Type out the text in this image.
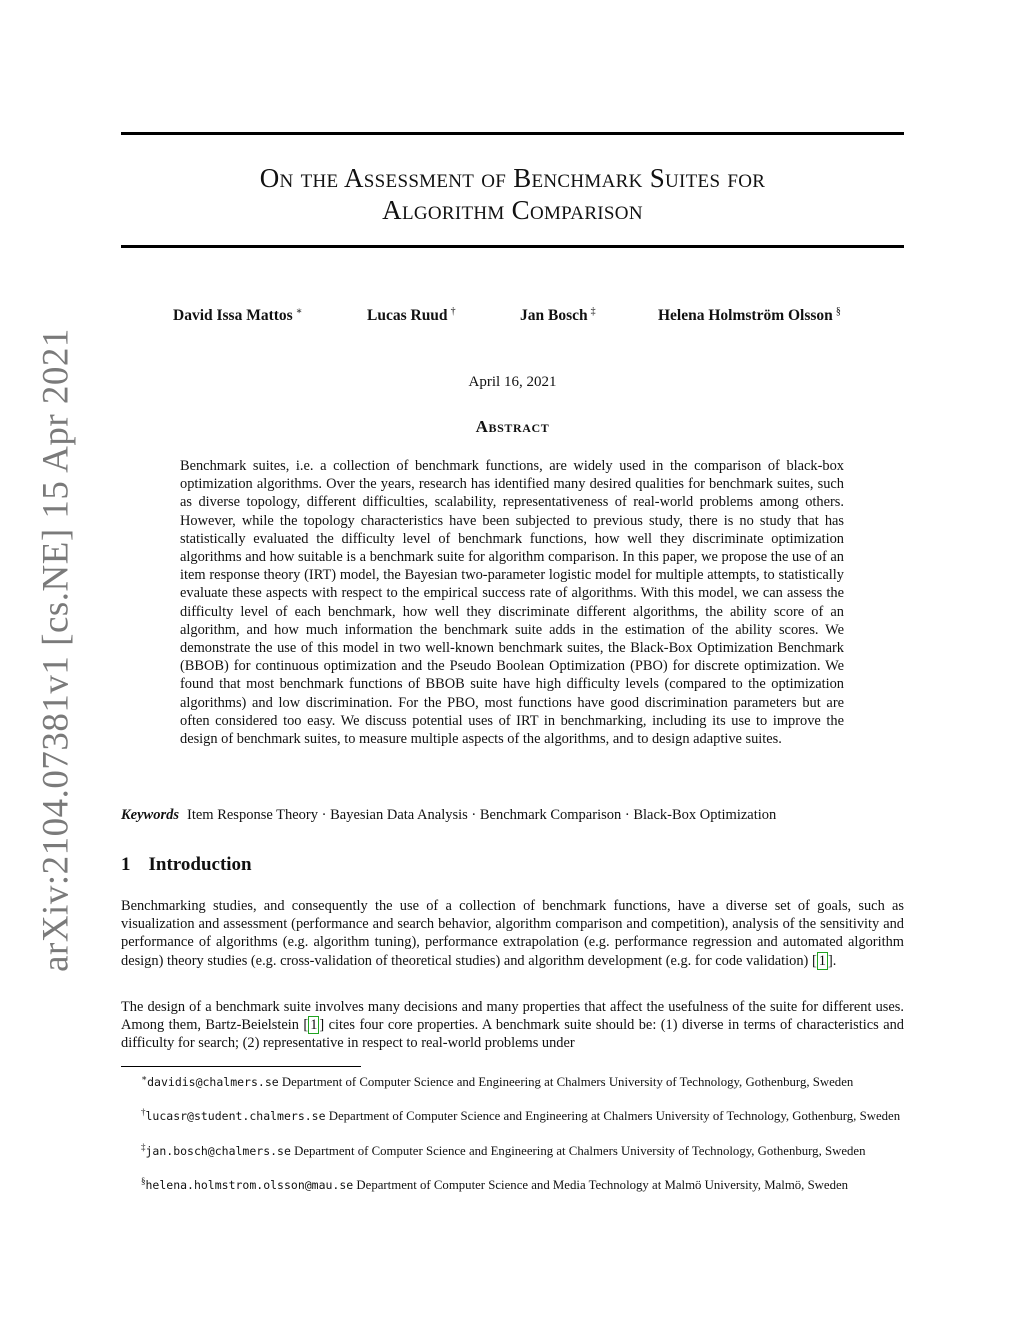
arXiv:2104.07381v1 [cs.NE] 15 Apr 2021
On the Assessment of Benchmark Suites for
Algorithm Comparison
David Issa Mattos ∗	Lucas Ruud †	Jan Bosch ‡	Helena Holmström Olsson §
April 16, 2021
Abstract

Benchmark suites, i.e. a collection of benchmark functions, are widely used in the comparison of black-box optimization algorithms. Over the years, research has identified many desired qualities for benchmark suites, such as diverse topology, different difficulties, scalability, representativeness of real-world problems among others. However, while the topology characteristics have been subjected to previous study, there is no study that has statistically evaluated the difficulty level of benchmark functions, how well they discriminate optimization algorithms and how suitable is a benchmark suite for algorithm comparison. In this paper, we propose the use of an item response theory (IRT) model, the Bayesian two-parameter logistic model for multiple attempts, to statistically evaluate these aspects with respect to the empirical success rate of algorithms. With this model, we can assess the difficulty level of each benchmark, how well they discriminate different algorithms, the ability score of an algorithm, and how much information the benchmark suite adds in the estimation of the ability scores. We demonstrate the use of this model in two well-known benchmark suites, the Black-Box Optimization Benchmark (BBOB) for continuous optimization and the Pseudo Boolean Optimization (PBO) for discrete optimization. We found that most benchmark functions of BBOB suite have high difficulty levels (compared to the optimization algorithms) and low discrimination. For the PBO, most functions have good discrimination parameters but are often considered too easy. We discuss potential uses of IRT in benchmarking, including its use to improve the design of benchmark suites, to measure multiple aspects of the algorithms, and to design adaptive suites.

Keywords Item Response Theory · Bayesian Data Analysis · Benchmark Comparison · Black-Box Optimization
1 Introduction

Benchmarking studies, and consequently the use of a collection of benchmark functions, have a diverse set of goals, such as visualization and assessment (performance and search behavior, algorithm comparison and competition), analysis of the sensitivity and performance of algorithms (e.g. algorithm tuning), performance extrapolation (e.g. performance regression and automated algorithm design) theory studies (e.g. cross-validation of theoretical studies) and algorithm development (e.g. for code validation) [ 1 ].

The design of a benchmark suite involves many decisions and many properties that affect the usefulness of the suite for different uses. Among them, Bartz-Beielstein [ 1 ] cites four core properties. A benchmark suite should be: (1) diverse in terms of characteristics and difficulty for search; (2) representative in respect to real-world problems under

∗davidis@chalmers.se Department of Computer Science and Engineering at Chalmers University of Technology, Gothenburg, Sweden

†lucasr@student.chalmers.se Department of Computer Science and Engineering at Chalmers University of Technology, Gothenburg, Sweden

‡jan.bosch@chalmers.se Department of Computer Science and Engineering at Chalmers University of Technology, Gothenburg, Sweden

§helena.holmstrom.olsson@mau.se Department of Computer Science and Media Technology at Malmö University, Malmö, Sweden
